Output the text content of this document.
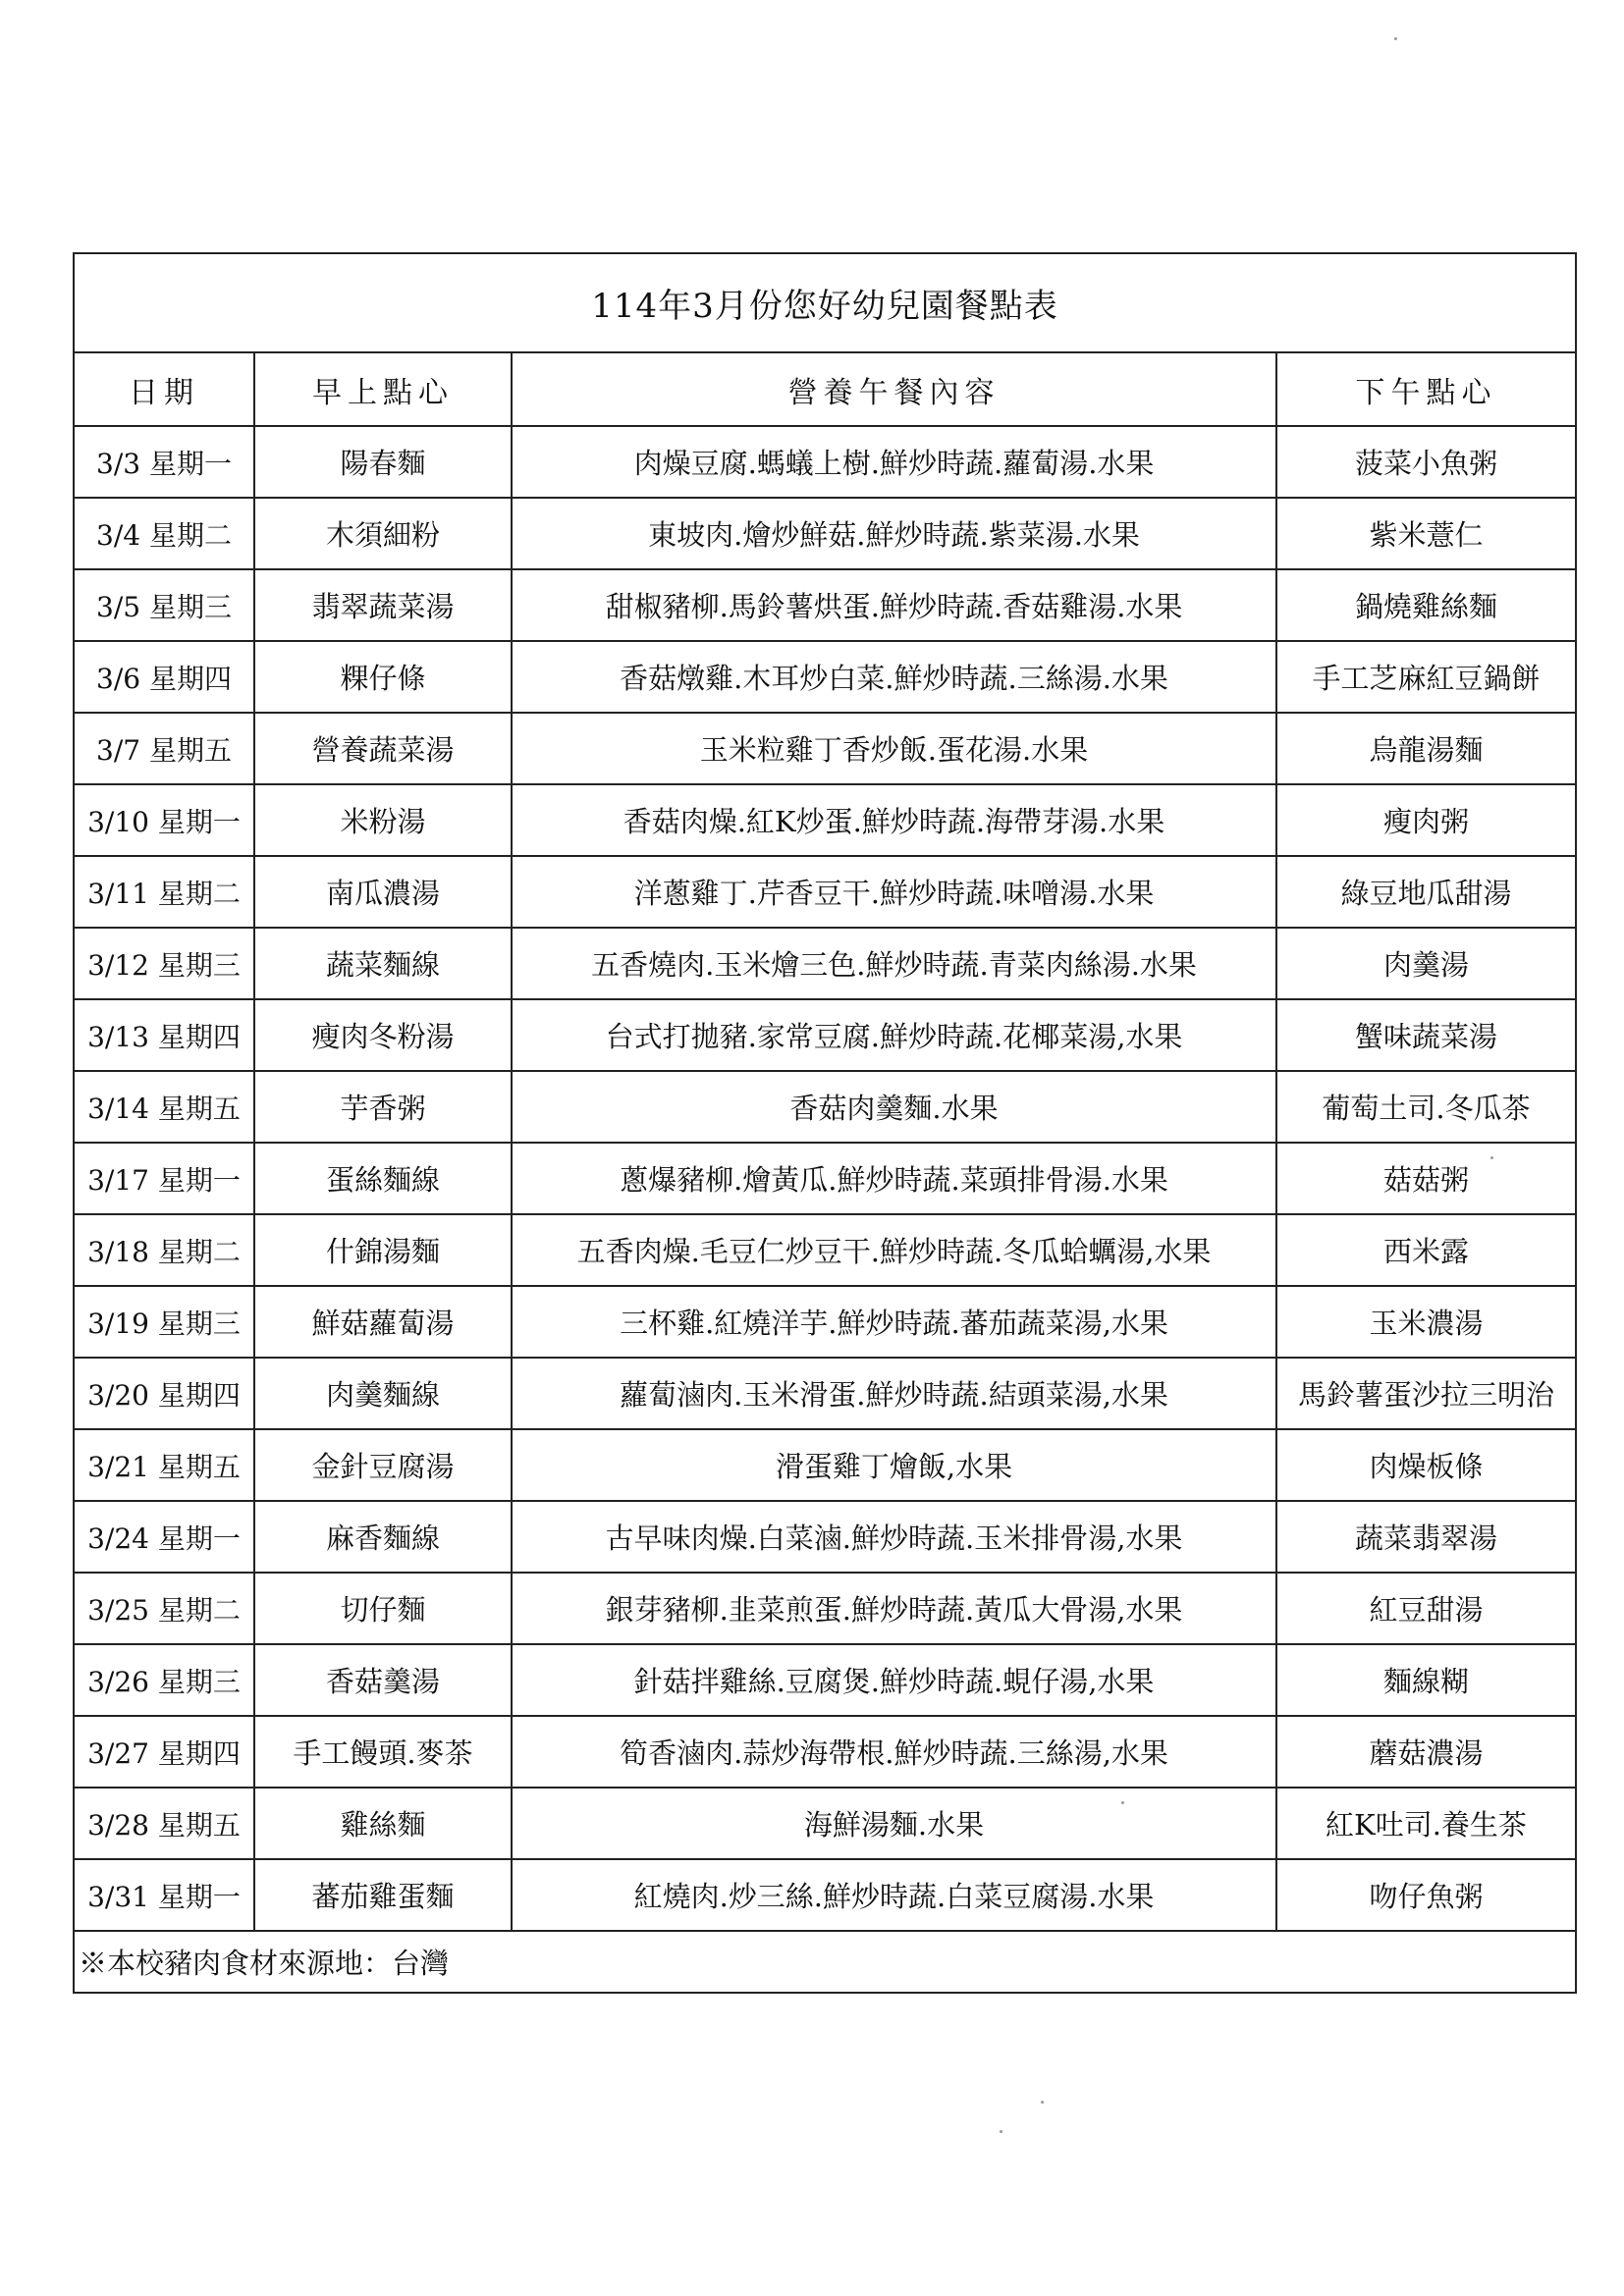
114年3月份您好幼兒園餐點表
日期	早上點心	營養午餐內容	下午點心
3/3 星期一	陽春麵	肉燥豆腐.螞蟻上樹.鮮炒時蔬.蘿蔔湯.水果	菠菜小魚粥
3/4 星期二	木須細粉	東坡肉.燴炒鮮菇.鮮炒時蔬.紫菜湯.水果	紫米薏仁
3/5 星期三	翡翠蔬菜湯	甜椒豬柳.馬鈴薯烘蛋.鮮炒時蔬.香菇雞湯.水果	鍋燒雞絲麵
3/6 星期四	粿仔條	香菇燉雞.木耳炒白菜.鮮炒時蔬.三絲湯.水果	手工芝麻紅豆鍋餅
3/7 星期五	營養蔬菜湯	玉米粒雞丁香炒飯.蛋花湯.水果	烏龍湯麵
3/10 星期一	米粉湯	香菇肉燥.紅K炒蛋.鮮炒時蔬.海帶芽湯.水果	瘦肉粥
3/11 星期二	南瓜濃湯	洋蔥雞丁.芹香豆干.鮮炒時蔬.味噌湯.水果	綠豆地瓜甜湯
3/12 星期三	蔬菜麵線	五香燒肉.玉米燴三色.鮮炒時蔬.青菜肉絲湯.水果	肉羹湯
3/13 星期四	瘦肉冬粉湯	台式打拋豬.家常豆腐.鮮炒時蔬.花椰菜湯,水果	蟹味蔬菜湯
3/14 星期五	芋香粥	香菇肉羹麵.水果	葡萄土司.冬瓜茶
3/17 星期一	蛋絲麵線	蔥爆豬柳.燴黃瓜.鮮炒時蔬.菜頭排骨湯.水果	菇菇粥
3/18 星期二	什錦湯麵	五香肉燥.毛豆仁炒豆干.鮮炒時蔬.冬瓜蛤蠣湯,水果	西米露
3/19 星期三	鮮菇蘿蔔湯	三杯雞.紅燒洋芋.鮮炒時蔬.蕃茄蔬菜湯,水果	玉米濃湯
3/20 星期四	肉羹麵線	蘿蔔滷肉.玉米滑蛋.鮮炒時蔬.結頭菜湯,水果	馬鈴薯蛋沙拉三明治
3/21 星期五	金針豆腐湯	滑蛋雞丁燴飯,水果	肉燥板條
3/24 星期一	麻香麵線	古早味肉燥.白菜滷.鮮炒時蔬.玉米排骨湯,水果	蔬菜翡翠湯
3/25 星期二	切仔麵	銀芽豬柳.韭菜煎蛋.鮮炒時蔬.黃瓜大骨湯,水果	紅豆甜湯
3/26 星期三	香菇羹湯	針菇拌雞絲.豆腐煲.鮮炒時蔬.蜆仔湯,水果	麵線糊
3/27 星期四	手工饅頭.麥茶	筍香滷肉.蒜炒海帶根.鮮炒時蔬.三絲湯,水果	蘑菇濃湯
3/28 星期五	雞絲麵	海鮮湯麵.水果	紅K吐司.養生茶
3/31 星期一	蕃茄雞蛋麵	紅燒肉.炒三絲.鮮炒時蔬.白菜豆腐湯.水果	吻仔魚粥
※本校豬肉食材來源地：台灣
